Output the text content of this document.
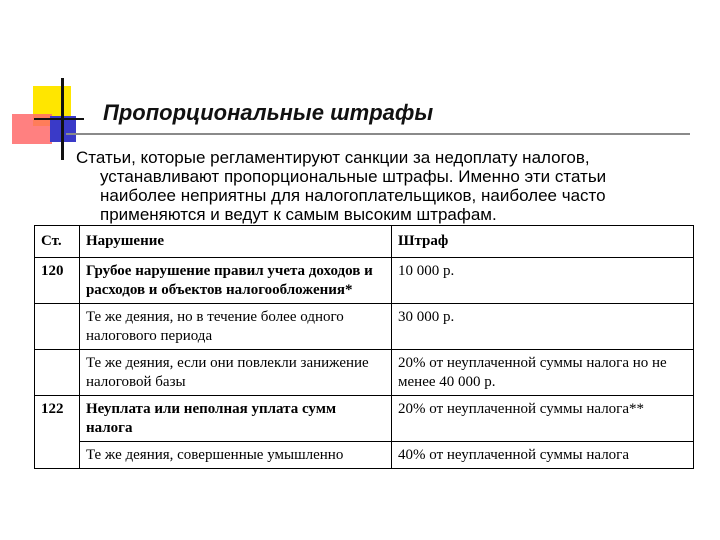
Пропорциональные штрафы
Статьи, которые регламентируют санкции за недоплату налогов, устанавливают пропорциональные штрафы. Именно эти статьи наиболее неприятны для налогоплательщиков, наиболее часто применяются и ведут к самым высоким штрафам.
Ст.	Нарушение	Штраф
120	Грубое нарушение правил учета доходов и расходов и объектов налогообложения*	10 000 р.
	Те же деяния, но в течение более одного налогового периода	30 000 р.
	Те же деяния, если они повлекли занижение налоговой базы	20% от неуплаченной суммы налога но не менее 40 000 р.
122	Неуплата или неполная уплата сумм налога	20% от неуплаченной суммы налога**
	Те же деяния, совершенные умышленно	40% от неуплаченной суммы налога
